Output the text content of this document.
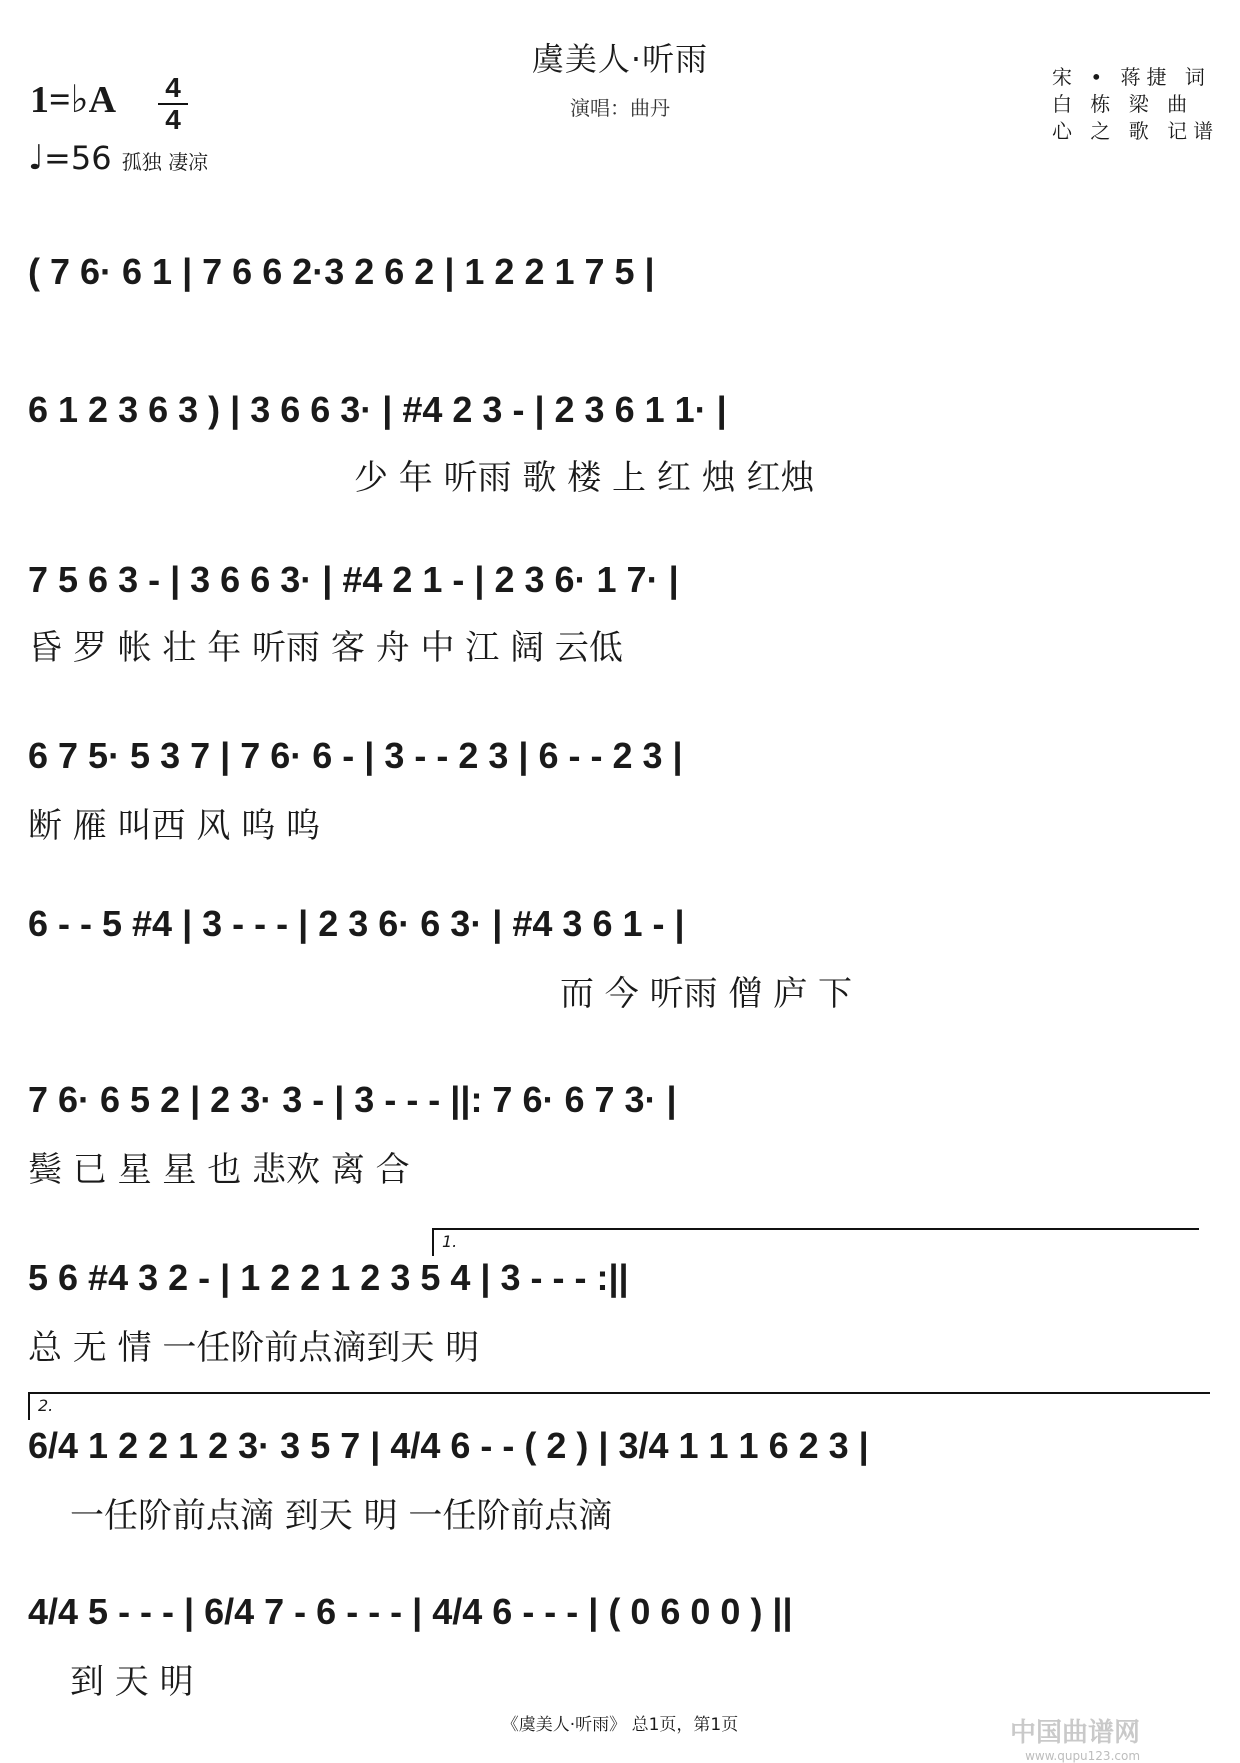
虞美人·听雨
演唱：曲丹
1=♭A 4
4
♩=56 孤独 凄凉
宋 • 蒋捷 词
白 栋 梁 曲
心 之 歌 记谱
( 7 6· 6 1 | 7 6 6 2·3 2 6 2 | 1 2 2 1 7 5 |
6 1 2 3 6 3 ) | 3 6 6 3· | #4 2 3 - | 2 3 6 1 1· |
少 年 听雨 歌 楼 上 红 烛 红烛
7 5 6 3 - | 3 6 6 3· | #4 2 1 - | 2 3 6· 1 7· |
昏 罗 帐 壮 年 听雨 客 舟 中 江 阔 云低
6 7 5· 5 3 7 | 7 6· 6 - | 3 - - 2 3 | 6 - - 2 3 |
断 雁 叫西 风 呜 呜
6 - - 5 #4 | 3 - - - | 2 3 6· 6 3· | #4 3 6 1 - |
而 今 听雨 僧 庐 下
7 6· 6 5 2 | 2 3· 3 - | 3 - - - ||: 7 6· 6 7 3· |
鬓 已 星 星 也 悲欢 离 合
1.
5 6 #4 3 2 - | 1 2 2 1 2 3 5 4 | 3 - - - :||
总 无 情 一任阶前点滴到天 明
2.
6/4 1 2 2 1 2 3· 3 5 7 | 4/4 6 - - ( 2 ) | 3/4 1 1 1 6 2 3 |
一任阶前点滴 到天 明 一任阶前点滴
4/4 5 - - - | 6/4 7 - 6 - - - | 4/4 6 - - - | ( 0 6 0 0 ) ||
到 天 明
《虞美人·听雨》 总1页，第1页	中国曲谱网
www.qupu123.com
